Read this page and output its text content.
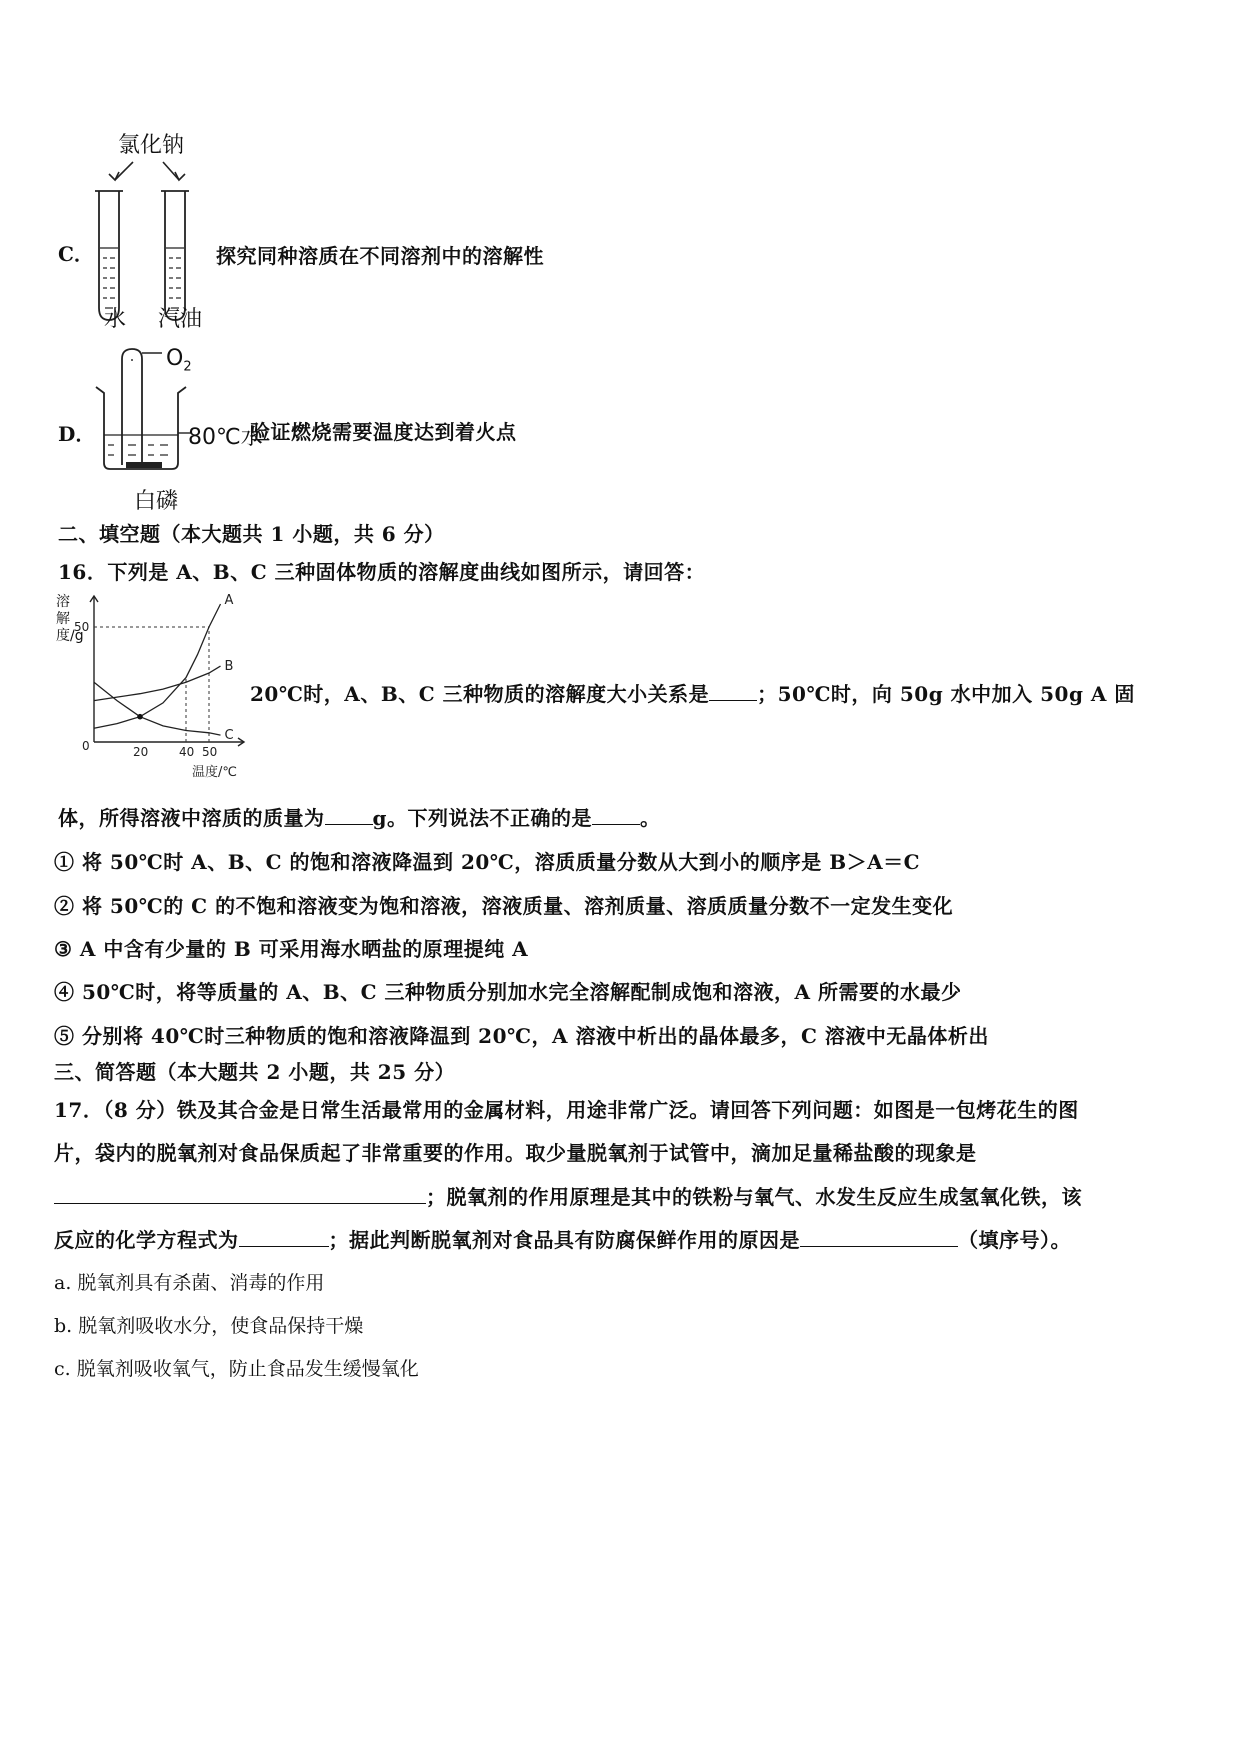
C．
氯化钠
水 汽油
探究同种溶质在不同溶剂中的溶解性
D．
$O_2$
80℃水
白磷
验证燃烧需要温度达到着火点
二、填空题（本大题共 1 小题，共 6 分）
16．下列是 A、B、C 三种固体物质的溶解度曲线如图所示，请回答：
溶解度/g
0
50
20	40 50
A
B
C
温度/℃
20℃时，A、B、C 三种物质的溶解度大小关系是 ；50℃时，向 50g 水中加入 50g A 固
体，所得溶液中溶质的质量为 g。下列说法不正确的是 。
① 将 50℃时 A、B、C 的饱和溶液降温到 20℃，溶质质量分数从大到小的顺序是 B＞A＝C
② 将 50℃的 C 的不饱和溶液变为饱和溶液，溶液质量、溶剂质量、溶质质量分数不一定发生变化
③ A 中含有少量的 B 可采用海水晒盐的原理提纯 A
④ 50℃时，将等质量的 A、B、C 三种物质分别加水完全溶解配制成饱和溶液，A 所需要的水最少
⑤ 分别将 40℃时三种物质的饱和溶液降温到 20℃，A 溶液中析出的晶体最多，C 溶液中无晶体析出
三、简答题（本大题共 2 小题，共 25 分）
17．（8 分）铁及其合金是日常生活最常用的金属材料，用途非常广泛。请回答下列问题：如图是一包烤花生的图
片，袋内的脱氧剂对食品保质起了非常重要的作用。取少量脱氧剂于试管中，滴加足量稀盐酸的现象是
；脱氧剂的作用原理是其中的铁粉与氧气、水发生反应生成氢氧化铁，该
反应的化学方程式为	；据此判断脱氧剂对食品具有防腐保鲜作用的原因是	（填序号）。
a. 脱氧剂具有杀菌、消毒的作用
b. 脱氧剂吸收水分，使食品保持干燥
c. 脱氧剂吸收氧气，防止食品发生缓慢氧化
